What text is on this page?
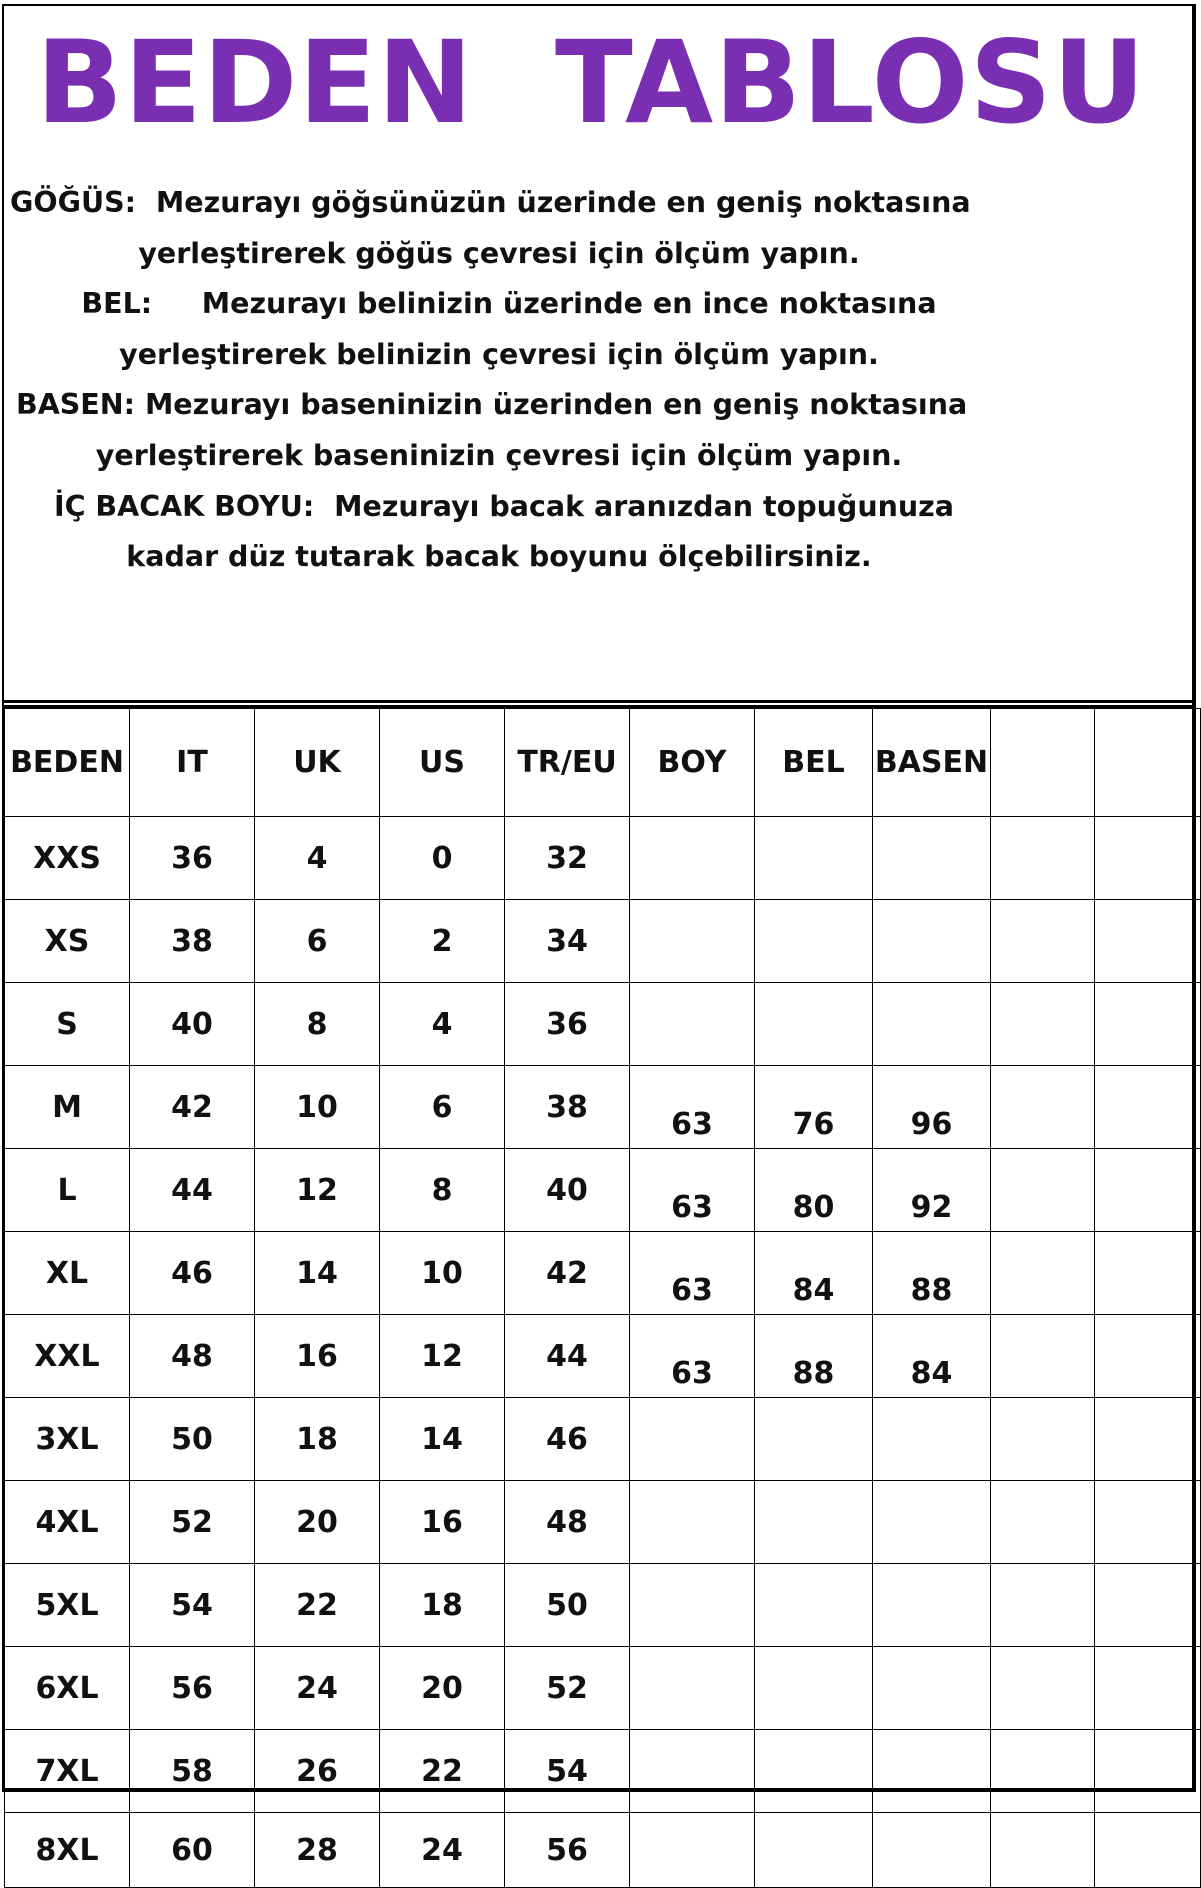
BEDEN  TABLOSU
GÖĞÜS:  Mezurayı göğsünüzün üzerinde en geniş noktasına
yerleştirerek göğüs çevresi için ölçüm yapın.
BEL:     Mezurayı belinizin üzerinde en ince noktasına
yerleştirerek belinizin çevresi için ölçüm yapın.
BASEN: Mezurayı baseninizin üzerinden en geniş noktasına
yerleştirerek baseninizin çevresi için ölçüm yapın.
İÇ BACAK BOYU:  Mezurayı bacak aranızdan topuğunuza
kadar düz tutarak bacak boyunu ölçebilirsiniz.
BEDEN	IT	UK	US	TR/EU	BOY	BEL	BASEN		
XXS	36	4	0	32					
XS	38	6	2	34					
S	40	8	4	36					
M	42	10	6	38	63	76	96		
L	44	12	8	40	63	80	92		
XL	46	14	10	42	63	84	88		
XXL	48	16	12	44	63	88	84		
3XL	50	18	14	46					
4XL	52	20	16	48					
5XL	54	22	18	50					
6XL	56	24	20	52					
7XL	58	26	22	54					
8XL	60	28	24	56					
